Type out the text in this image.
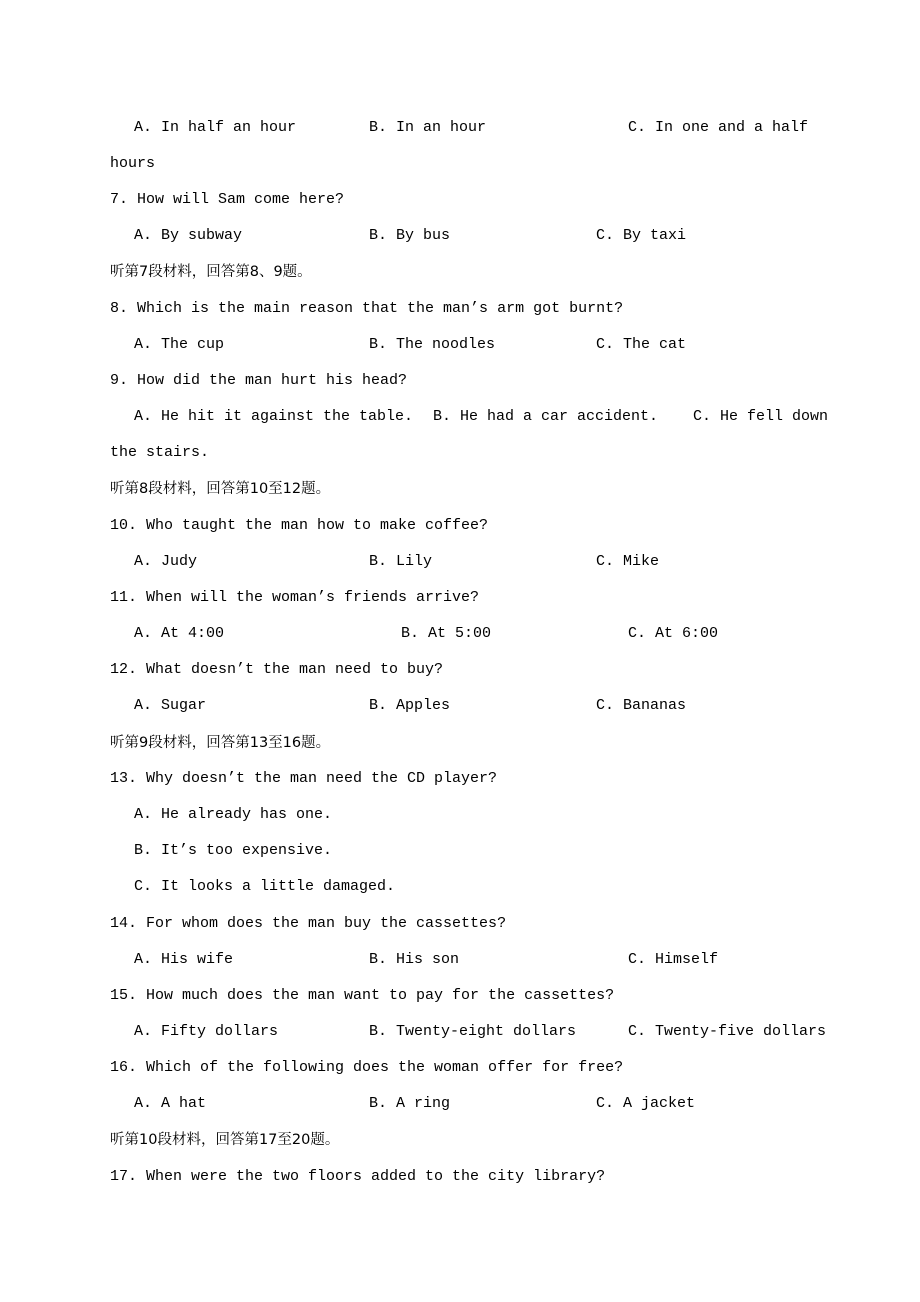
A. In half an hour	B. In an hour	C. In one and a half
hours
7. How will Sam come here?
A. By subway	B. By bus	C. By taxi
听第7段材料，回答第8、9题。
8. Which is the main reason that the man’s arm got burnt?
A. The cup	B. The noodles	C. The cat
9. How did the man hurt his head?
A. He hit it against the table. B. He had a car accident. C. He fell down
the stairs.
听第8段材料，回答第10至12题。
10. Who taught the man how to make coffee?
A. Judy	B. Lily	C. Mike
11. When will the woman’s friends arrive?
A. At 4:00	B. At 5:00	C. At 6:00
12. What doesn’t the man need to buy?
A. Sugar	B. Apples	C. Bananas
听第9段材料，回答第13至16题。
13. Why doesn’t the man need the CD player?
A. He already has one.
B. It’s too expensive.
C. It looks a little damaged.
14. For whom does the man buy the cassettes?
A. His wife	B. His son	C. Himself
15. How much does the man want to pay for the cassettes?
A. Fifty dollars	B. Twenty-eight dollars	C. Twenty-five dollars
16. Which of the following does the woman offer for free?
A. A hat	B. A ring	C. A jacket
听第10段材料，回答第17至20题。
17. When were the two floors added to the city library?
